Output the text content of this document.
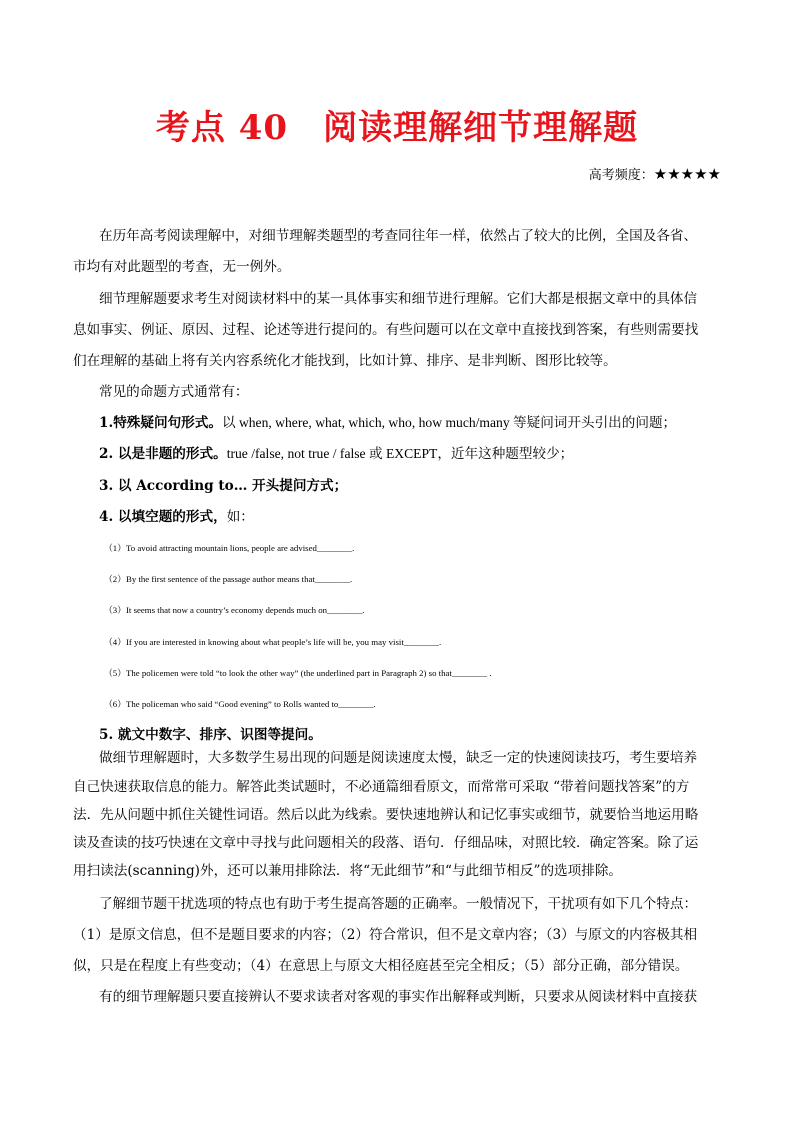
考点 40　阅读理解细节理解题
高考频度：★★★★★
在历年高考阅读理解中，对细节理解类题型的考查同往年一样，依然占了较大的比例，全国及各省、
市均有对此题型的考查，无一例外。
细节理解题要求考生对阅读材料中的某一具体事实和细节进行理解。它们大都是根据文章中的具体信
息如事实、例证、原因、过程、论述等进行提问的。有些问题可以在文章中直接找到答案，有些则需要找
们在理解的基础上将有关内容系统化才能找到，比如计算、排序、是非判断、图形比较等。
常见的命题方式通常有：
1.特殊疑问句形式。以 when, where, what, which, who, how much/many 等疑问词开头引出的问题；
2. 以是非题的形式。true /false, not true / false 或 EXCEPT，近年这种题型较少；
3. 以 According to… 开头提问方式；
4. 以填空题的形式，如：
（1）To avoid attracting mountain lions, people are advised________.
（2）By the first sentence of the passage author means that________.
（3）It seems that now a country’s economy depends much on________.
（4）If you are interested in knowing about what people’s life will be, you may visit________.
（5）The policemen were told “to look the other way” (the underlined part in Paragraph 2) so that________ .
（6）The policeman who said “Good evening” to Rolls wanted to________.
5. 就文中数字、排序、识图等提问。
做细节理解题时，大多数学生易出现的问题是阅读速度太慢，缺乏一定的快速阅读技巧，考生要培养
自己快速获取信息的能力。解答此类试题时，不必通篇细看原文，而常常可采取 “带着问题找答案”的方
法．先从问题中抓住关键性词语。然后以此为线索。要快速地辨认和记忆事实或细节，就要恰当地运用略
读及查读的技巧快速在文章中寻找与此问题相关的段落、语句．仔细品味，对照比较．确定答案。除了运
用扫读法(scanning)外，还可以兼用排除法．将“无此细节”和“与此细节相反”的选项排除。
了解细节题干扰选项的特点也有助于考生提高答题的正确率。一般情况下，干扰项有如下几个特点：
（1）是原文信息，但不是题目要求的内容；（2）符合常识，但不是文章内容；（3）与原文的内容极其相
似，只是在程度上有些变动；（4）在意思上与原文大相径庭甚至完全相反；（5）部分正确，部分错误。
有的细节理解题只要直接辨认不要求读者对客观的事实作出解释或判断，只要求从阅读材料中直接获
